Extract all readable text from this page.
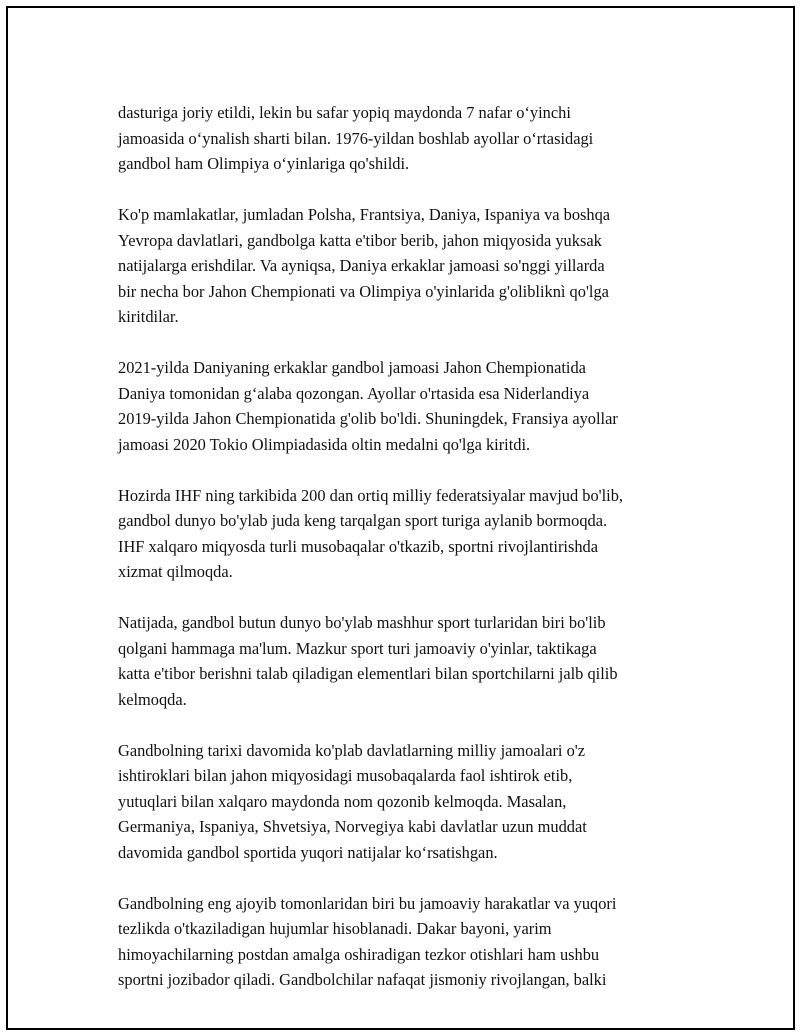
dasturiga joriy etildi, lekin bu safar yopiq maydonda 7 nafar o‘yinchi
jamoasida o‘ynalish sharti bilan. 1976-yildan boshlab ayollar o‘rtasidagi
gandbol ham Olimpiya o‘yinlariga qo'shildi.

Ko'p mamlakatlar, jumladan Polsha, Frantsiya, Daniya, Ispaniya va boshqa
Yevropa davlatlari, gandbolga katta e'tibor berib, jahon miqyosida yuksak
natijalarga erishdilar. Va ayniqsa, Daniya erkaklar jamoasi so'nggi yillarda
bir necha bor Jahon Chempionati va Olimpiya o'yinlarida g'olibliknì qo'lga
kiritdilar.

2021-yilda Daniyaning erkaklar gandbol jamoasi Jahon Chempionatida
Daniya tomonidan g‘alaba qozongan. Ayollar o'rtasida esa Niderlandiya
2019-yilda Jahon Chempionatida g'olib bo'ldi. Shuningdek, Fransiya ayollar
jamoasi 2020 Tokio Olimpiadasida oltin medalni qo'lga kiritdi.

Hozirda IHF ning tarkibida 200 dan ortiq milliy federatsiyalar mavjud bo'lib,
gandbol dunyo bo'ylab juda keng tarqalgan sport turiga aylanib bormoqda.
IHF xalqaro miqyosda turli musobaqalar o'tkazib, sportni rivojlantirishda
xizmat qilmoqda.

Natijada, gandbol butun dunyo bo'ylab mashhur sport turlaridan biri bo'lib
qolgani hammaga ma'lum. Mazkur sport turi jamoaviy o'yinlar, taktikaga
katta e'tibor berishni talab qiladigan elementlari bilan sportchilarni jalb qilib
kelmoqda.

Gandbolning tarixi davomida ko'plab davlatlarning milliy jamoalari o'z
ishtiroklari bilan jahon miqyosidagi musobaqalarda faol ishtirok etib,
yutuqlari bilan xalqaro maydonda nom qozonib kelmoqda. Masalan,
Germaniya, Ispaniya, Shvetsiya, Norvegiya kabi davlatlar uzun muddat
davomida gandbol sportida yuqori natijalar ko‘rsatishgan.

Gandbolning eng ajoyib tomonlaridan biri bu jamoaviy harakatlar va yuqori
tezlikda o'tkaziladigan hujumlar hisoblanadi. Dakar bayoni, yarim
himoyachilarning postdan amalga oshiradigan tezkor otishlari ham ushbu
sportni jozibador qiladi. Gandbolchilar nafaqat jismoniy rivojlangan, balki
